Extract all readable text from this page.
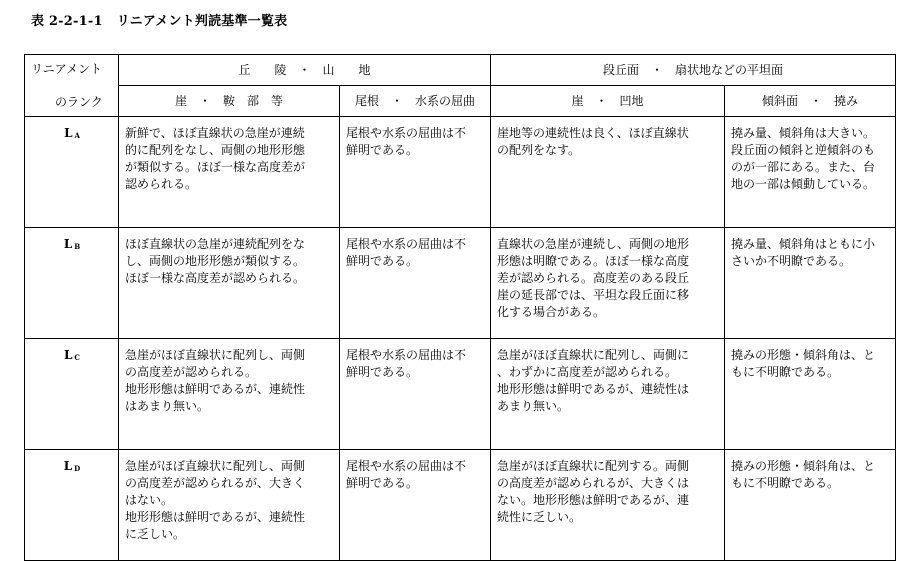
表 2-2-1-1 リニアメント判読基準一覧表
リニアメント
のランク	丘　　陵　・　山　　地		段丘面　・　扇状地などの平坦面	
	崖　・　鞍　部　等	尾根　・　水系の屈曲	崖　・　凹地	傾斜面　・　撓み
L $_A$	新鮮で、ほぼ直線状の急崖が連続
的に配列をなし、両側の地形形態
が類似する。ほぼ一様な高度差が
認められる。	尾根や水系の屈曲は不
鮮明である。	崖地等の連続性は良く、ほぼ直線状
の配列をなす。	撓み量、傾斜角は大きい。
段丘面の傾斜と逆傾斜のも
のが一部にある。また、台
地の一部は傾動している。
L $_B$	ほぼ直線状の急崖が連続配列をな
し、両側の地形形態が類似する。
ほぼ一様な高度差が認められる。	尾根や水系の屈曲は不
鮮明である。	直線状の急崖が連続し、両側の地形
形態は明瞭である。ほぼ一様な高度
差が認められる。高度差のある段丘
崖の延長部では、平坦な段丘面に移
化する場合がある。	撓み量、傾斜角はともに小
さいか不明瞭である。
L $_C$	急崖がほぼ直線状に配列し、両側
の高度差が認められる。
地形形態は鮮明であるが、連続性
はあまり無い。	尾根や水系の屈曲は不
鮮明である。	急崖がほぼ直線状に配列し、両側に
、わずかに高度差が認められる。
地形形態は鮮明であるが、連続性は
あまり無い。	撓みの形態・傾斜角は、と
もに不明瞭である。
L $_D$	急崖がほぼ直線状に配列し、両側
の高度差が認められるが、大きく
はない。
地形形態は鮮明であるが、連続性
に乏しい。	尾根や水系の屈曲は不
鮮明である。	急崖がほぼ直線状に配列する。両側
の高度差が認められるが、大きくは
ない。地形形態は鮮明であるが、連
続性に乏しい。	撓みの形態・傾斜角は、と
もに不明瞭である。
